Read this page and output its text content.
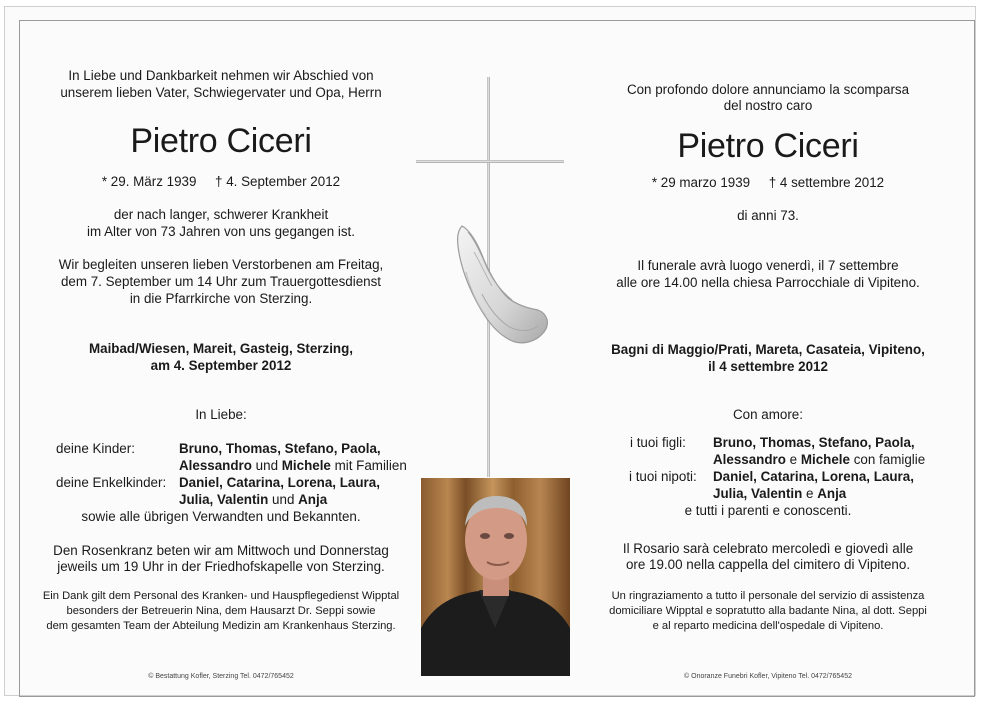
In Liebe und Dankbarkeit nehmen wir Abschied von
unserem lieben Vater, Schwiegervater und Opa, Herrn
Pietro Ciceri
* 29. März 1939 † 4. September 2012
der nach langer, schwerer Krankheit
im Alter von 73 Jahren von uns gegangen ist.
Wir begleiten unseren lieben Verstorbenen am Freitag,
dem 7. September um 14 Uhr zum Trauergottesdienst
in die Pfarrkirche von Sterzing.
Maibad/Wiesen, Mareit, Gasteig, Sterzing,
am 4. September 2012
In Liebe:
deine Kinder:	Bruno, Thomas, Stefano, Paola,
Alessandro und Michele mit Familien
deine Enkelkinder: Daniel, Catarina, Lorena, Laura,
Julia, Valentin und Anja
sowie alle übrigen Verwandten und Bekannten.
Den Rosenkranz beten wir am Mittwoch und Donnerstag
jeweils um 19 Uhr in der Friedhofskapelle von Sterzing.
Ein Dank gilt dem Personal des Kranken- und Hauspflegedienst Wipptal
besonders der Betreuerin Nina, dem Hausarzt Dr. Seppi sowie
dem gesamten Team der Abteilung Medizin am Krankenhaus Sterzing.
© Bestattung Kofler, Sterzing Tel. 0472/765452
Con profondo dolore annunciamo la scomparsa
del nostro caro
Pietro Ciceri
* 29 marzo 1939 † 4 settembre 2012
di anni 73.
Il funerale avrà luogo venerdì, il 7 settembre
alle ore 14.00 nella chiesa Parrocchiale di Vipiteno.
Bagni di Maggio/Prati, Mareta, Casateia, Vipiteno,
il 4 settembre 2012
Con amore:
i tuoi figli: Bruno, Thomas, Stefano, Paola,
Alessandro e Michele con famiglie
i tuoi nipoti: Daniel, Catarina, Lorena, Laura,
Julia, Valentin e Anja
e tutti i parenti e conoscenti.
Il Rosario sarà celebrato mercoledì e giovedì alle
ore 19.00 nella cappella del cimitero di Vipiteno.
Un ringraziamento a tutto il personale del servizio di assistenza
domiciliare Wipptal e sopratutto alla badante Nina, al dott. Seppi
e al reparto medicina dell'ospedale di Vipiteno.
© Onoranze Funebri Kofler, Vipiteno Tel. 0472/765452
